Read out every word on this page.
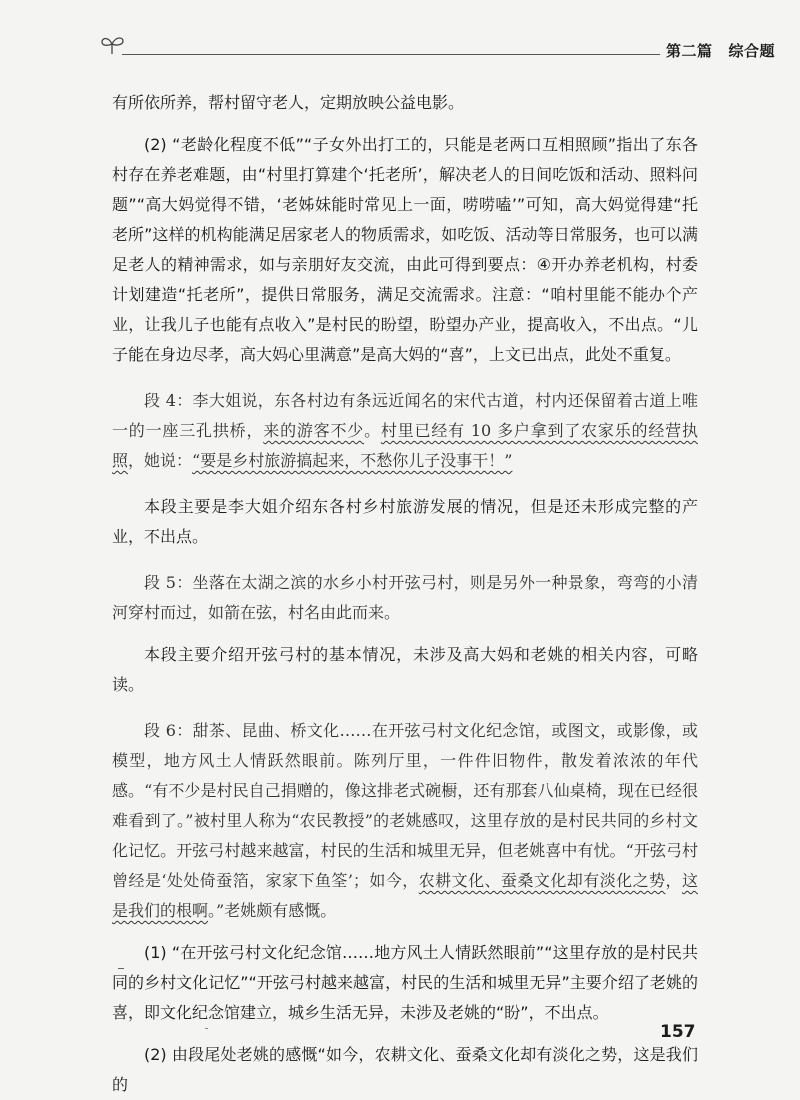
第二篇 综合题

有所依所养，帮村留守老人，定期放映公益电影。

(2) “老龄化程度不低”“子女外出打工的，只能是老两口互相照顾”指出了东各村存在养老难题，由“村里打算建个‘托老所’，解决老人的日间吃饭和活动、照料问题”“高大妈觉得不错，‘老姊妹能时常见上一面，唠唠嗑’”可知，高大妈觉得建“托老所”这样的机构能满足居家老人的物质需求，如吃饭、活动等日常服务，也可以满足老人的精神需求，如与亲朋好友交流，由此可得到要点：④开办养老机构，村委计划建造“托老所”，提供日常服务，满足交流需求。注意：“咱村里能不能办个产业，让我儿子也能有点收入”是村民的盼望，盼望办产业，提高收入，不出点。“儿子能在身边尽孝，高大妈心里满意”是高大妈的“喜”，上文已出点，此处不重复。

段 4：李大姐说，东各村边有条远近闻名的宋代古道，村内还保留着古道上唯一的一座三孔拱桥，来的游客不少。村里已经有 10 多户拿到了农家乐的经营执照，她说：“要是乡村旅游搞起来，不愁你儿子没事干！”

本段主要是李大姐介绍东各村乡村旅游发展的情况，但是还未形成完整的产业，不出点。

段 5：坐落在太湖之滨的水乡小村开弦弓村，则是另外一种景象，弯弯的小清河穿村而过，如箭在弦，村名由此而来。

本段主要介绍开弦弓村的基本情况，未涉及高大妈和老姚的相关内容，可略读。

段 6：甜茶、昆曲、桥文化……在开弦弓村文化纪念馆，或图文，或影像，或模型，地方风土人情跃然眼前。陈列厅里，一件件旧物件，散发着浓浓的年代感。“有不少是村民自己捐赠的，像这排老式碗橱，还有那套八仙桌椅，现在已经很难看到了。”被村里人称为“农民教授”的老姚感叹，这里存放的是村民共同的乡村文化记忆。开弦弓村越来越富，村民的生活和城里无异，但老姚喜中有忧。“开弦弓村曾经是‘处处倚蚕箔，家家下鱼筌’；如今，农耕文化、蚕桑文化却有淡化之势，这是我们的根啊。”老姚颇有感慨。

(1) “在开弦弓村文化纪念馆……地方风土人情跃然眼前”“这里存放的是村民共同的乡村文化记忆”“开弦弓村越来越富，村民的生活和城里无异”主要介绍了老姚的喜，即文化纪念馆建立，城乡生活无异，未涉及老姚的“盼”，不出点。

(2) 由段尾处老姚的感慨“如今，农耕文化、蚕桑文化却有淡化之势，这是我们的

157
